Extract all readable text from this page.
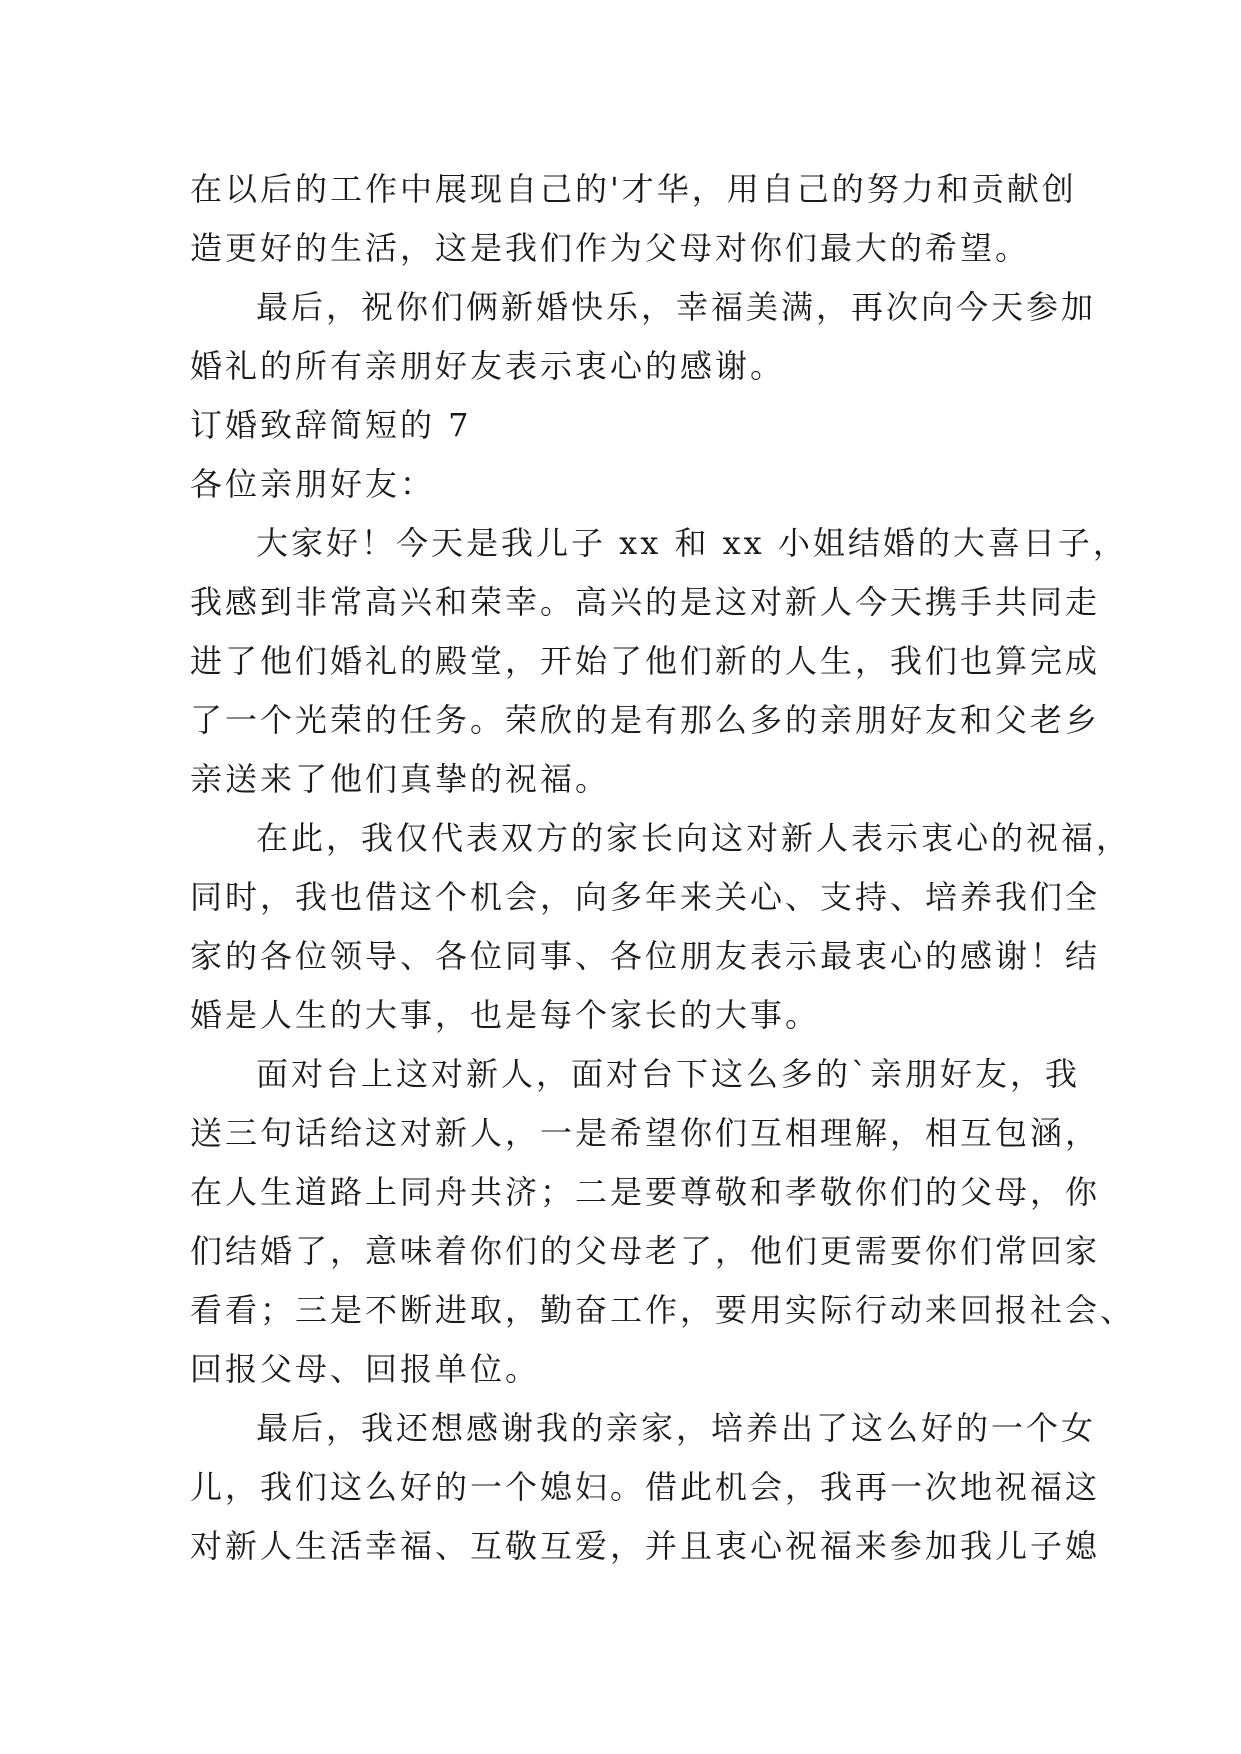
在以后的工作中展现自己的'才华，用自己的努力和贡献创
造更好的生活，这是我们作为父母对你们最大的希望。
最后，祝你们俩新婚快乐，幸福美满，再次向今天参加
婚礼的所有亲朋好友表示衷心的感谢。
订婚致辞简短的 7
各位亲朋好友：
大家好！今天是我儿子 xx 和 xx 小姐结婚的大喜日子，
我感到非常高兴和荣幸。高兴的是这对新人今天携手共同走
进了他们婚礼的殿堂，开始了他们新的人生，我们也算完成
了一个光荣的任务。荣欣的是有那么多的亲朋好友和父老乡
亲送来了他们真挚的祝福。
在此，我仅代表双方的家长向这对新人表示衷心的祝福，
同时，我也借这个机会，向多年来关心、支持、培养我们全
家的各位领导、各位同事、各位朋友表示最衷心的感谢！结
婚是人生的大事，也是每个家长的大事。
面对台上这对新人，面对台下这么多的`亲朋好友，我
送三句话给这对新人，一是希望你们互相理解，相互包涵，
在人生道路上同舟共济；二是要尊敬和孝敬你们的父母，你
们结婚了，意味着你们的父母老了，他们更需要你们常回家
看看；三是不断进取，勤奋工作，要用实际行动来回报社会、
回报父母、回报单位。
最后，我还想感谢我的亲家，培养出了这么好的一个女
儿，我们这么好的一个媳妇。借此机会，我再一次地祝福这
对新人生活幸福、互敬互爱，并且衷心祝福来参加我儿子媳
